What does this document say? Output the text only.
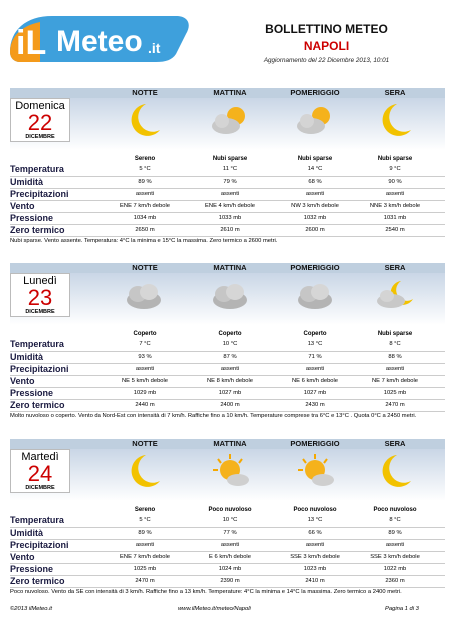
iL Meteo .it
BOLLETTINO METEO
NAPOLI
Aggiornamento del 22 Dicembre 2013, 10:01
NOTTE	MATTINA	POMERIGGIO	SERA
Domenica
22
DICEMBRE
Sereno	Nubi sparse	Nubi sparse	Nubi sparse
Temperatura	5 °C	11 °C	14 °C	9 °C
Umidità	89 %	79 %	68 %	90 %
Precipitazioni	assenti	assenti	assenti	assenti
Vento	ENE 7 km/h debole	ENE 4 km/h debole	NW 3 km/h debole	NNE 3 km/h debole
Pressione	1034 mb	1033 mb	1032 mb	1031 mb
Zero termico	2650 m	2610 m	2600 m	2540 m
Nubi sparse. Vento assente. Temperatura: 4°C la minima e 15°C la massima. Zero termico a 2600 metri.
NOTTE	MATTINA	POMERIGGIO	SERA
Lunedì
23
DICEMBRE
Coperto	Coperto	Coperto	Nubi sparse
Temperatura	7 °C	10 °C	13 °C	8 °C
Umidità	93 %	87 %	71 %	88 %
Precipitazioni	assenti	assenti	assenti	assenti
Vento	NE 5 km/h debole	NE 8 km/h debole	NE 6 km/h debole	NE 7 km/h debole
Pressione	1029 mb	1027 mb	1027 mb	1025 mb
Zero termico	2440 m	2400 m	2430 m	2470 m
Molto nuvoloso o coperto. Vento da Nord-Est con intensità di 7 km/h. Raffiche fino a 10 km/h. Temperature comprese tra 6°C e 13°C . Quota 0°C a 2450 metri.
NOTTE	MATTINA	POMERIGGIO	SERA
Martedì
24
DICEMBRE
Sereno	Poco nuvoloso	Poco nuvoloso	Poco nuvoloso
Temperatura	5 °C	10 °C	13 °C	8 °C
Umidità	89 %	77 %	66 %	89 %
Precipitazioni	assenti	assenti	assenti	assenti
Vento	ENE 7 km/h debole	E 6 km/h debole	SSE 3 km/h debole	SSE 3 km/h debole
Pressione	1025 mb	1024 mb	1023 mb	1022 mb
Zero termico	2470 m	2390 m	2410 m	2360 m
Poco nuvoloso. Vento da SE con intensità di 3 km/h. Raffiche fino a 13 km/h. Temperature: 4°C la minima e 14°C la massima. Zero termico a 2400 metri.
©2013 ilMeteo.it	www.ilMeteo.it/meteo/Napoli	Pagina 1 di 3
